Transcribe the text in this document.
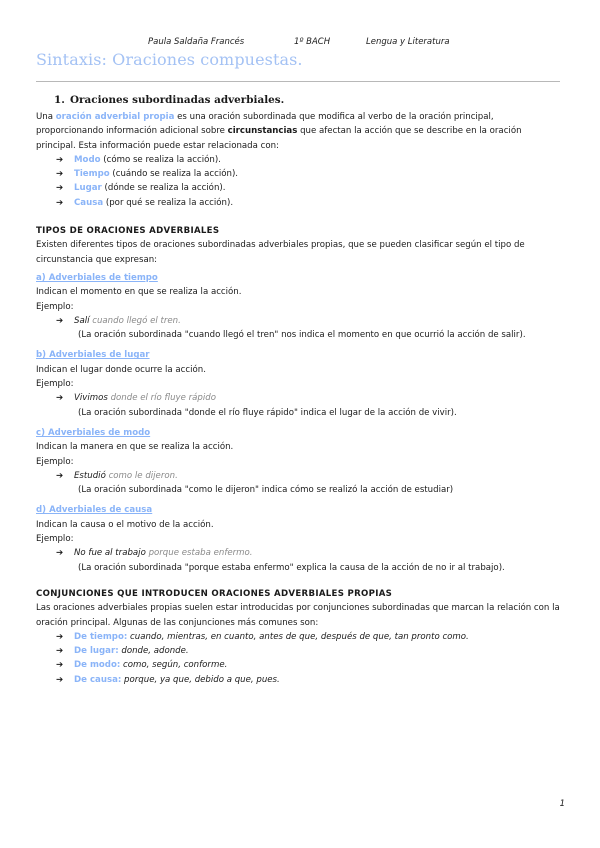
Paula Saldaña Francés	1º BACH	Lengua y Literatura
Sintaxis: Oraciones compuestas.
1. Oraciones subordinadas adverbiales.

Una oración adverbial propia es una oración subordinada que modifica al verbo de la oración principal, proporcionando información adicional sobre circunstancias que afectan la acción que se describe en la oración principal. Esta información puede estar relacionada con:

➔ Modo (cómo se realiza la acción).
➔ Tiempo (cuándo se realiza la acción).
➔ Lugar (dónde se realiza la acción).
➔ Causa (por qué se realiza la acción).

TIPOS DE ORACIONES ADVERBIALES

Existen diferentes tipos de oraciones subordinadas adverbiales propias, que se pueden clasificar según el tipo de circunstancia que expresan:

a) Adverbiales de tiempo

Indican el momento en que se realiza la acción.

Ejemplo:

➔ Salí cuando llegó el tren.

(La oración subordinada "cuando llegó el tren" nos indica el momento en que ocurrió la acción de salir).

b) Adverbiales de lugar

Indican el lugar donde ocurre la acción.

Ejemplo:

➔ Vivimos donde el río fluye rápido

(La oración subordinada "donde el río fluye rápido" indica el lugar de la acción de vivir).

c) Adverbiales de modo

Indican la manera en que se realiza la acción.

Ejemplo:

➔ Estudió como le dijeron.

(La oración subordinada "como le dijeron" indica cómo se realizó la acción de estudiar)

d) Adverbiales de causa

Indican la causa o el motivo de la acción.

Ejemplo:

➔ No fue al trabajo porque estaba enfermo.

(La oración subordinada "porque estaba enfermo" explica la causa de la acción de no ir al trabajo).

CONJUNCIONES QUE INTRODUCEN ORACIONES ADVERBIALES PROPIAS

Las oraciones adverbiales propias suelen estar introducidas por conjunciones subordinadas que marcan la relación con la oración principal. Algunas de las conjunciones más comunes son:

➔ De tiempo: cuando, mientras, en cuanto, antes de que, después de que, tan pronto como.
➔ De lugar: donde, adonde.
➔ De modo: como, según, conforme.
➔ De causa: porque, ya que, debido a que, pues.
1
